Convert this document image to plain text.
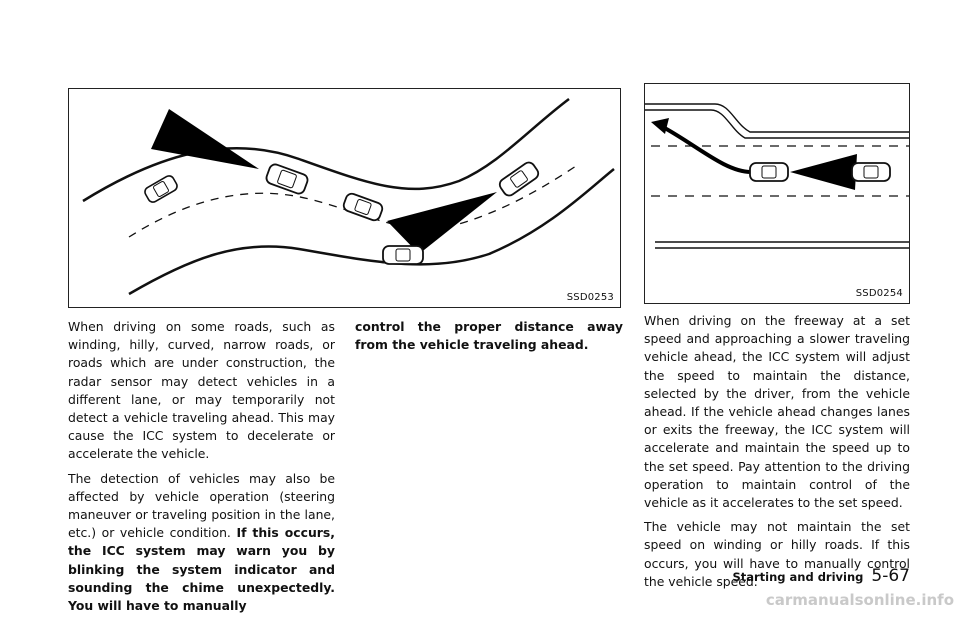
SSD0253	SSD0254

When driving on some roads, such as winding, hilly, curved, narrow roads, or roads which are under construction, the radar sensor may detect vehicles in a different lane, or may temporarily not detect a vehicle traveling ahead. This may cause the ICC system to decelerate or accelerate the vehicle.

The detection of vehicles may also be affected by vehicle operation (steering maneuver or traveling position in the lane, etc.) or vehicle condition. If this occurs, the ICC system may warn you by blinking the system indicator and sounding the chime unexpectedly. You will have to manually

control the proper distance away from the vehicle traveling ahead.

When driving on the freeway at a set speed and approaching a slower traveling vehicle ahead, the ICC system will adjust the speed to maintain the distance, selected by the driver, from the vehicle ahead. If the vehicle ahead changes lanes or exits the freeway, the ICC system will accelerate and maintain the speed up to the set speed. Pay attention to the driving operation to maintain control of the vehicle as it accelerates to the set speed.

The vehicle may not maintain the set speed on winding or hilly roads. If this occurs, you will have to manually control the vehicle speed.

Starting and driving 5-67
carmanualsonline.info
